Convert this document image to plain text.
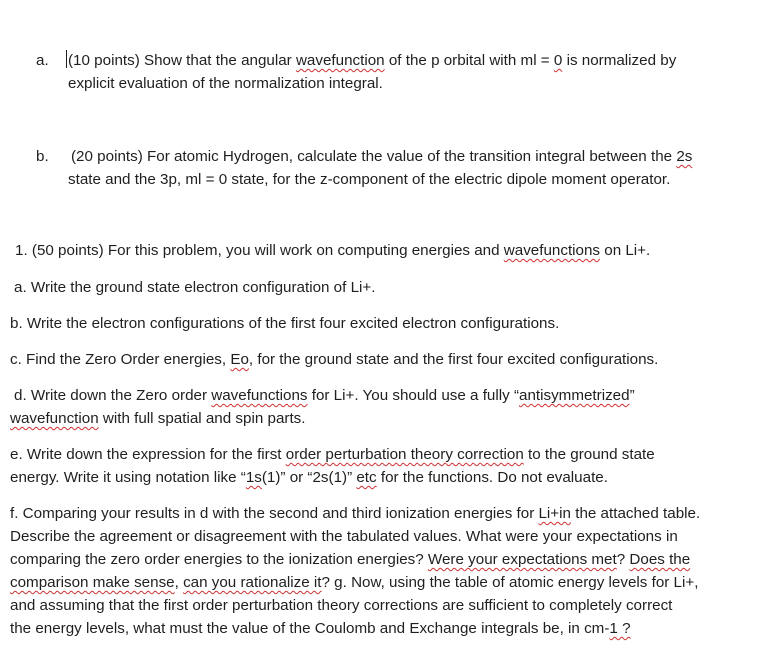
a. (10 points) Show that the angular wavefunction of the p orbital with ml = 0 is normalized by
explicit evaluation of the normalization integral.
b. (20 points) For atomic Hydrogen, calculate the value of the transition integral between the 2s
state and the 3p, ml = 0 state, for the z-component of the electric dipole moment operator.
1. (50 points) For this problem, you will work on computing energies and wavefunctions on Li+.
a. Write the ground state electron configuration of Li+.
b. Write the electron configurations of the first four excited electron configurations.
c. Find the Zero Order energies, Eo, for the ground state and the first four excited configurations.
d. Write down the Zero order wavefunctions for Li+. You should use a fully “antisymmetrized”
wavefunction with full spatial and spin parts.
e. Write down the expression for the first order perturbation theory correction to the ground state
energy. Write it using notation like “1s(1)” or “2s(1)” etc for the functions. Do not evaluate.
f. Comparing your results in d with the second and third ionization energies for Li+in the attached table.
Describe the agreement or disagreement with the tabulated values. What were your expectations in
comparing the zero order energies to the ionization energies? Were your expectations met? Does the
comparison make sense, can you rationalize it? g. Now, using the table of atomic energy levels for Li+,
and assuming that the first order perturbation theory corrections are sufficient to completely correct
the energy levels, what must the value of the Coulomb and Exchange integrals be, in cm-1 ?
